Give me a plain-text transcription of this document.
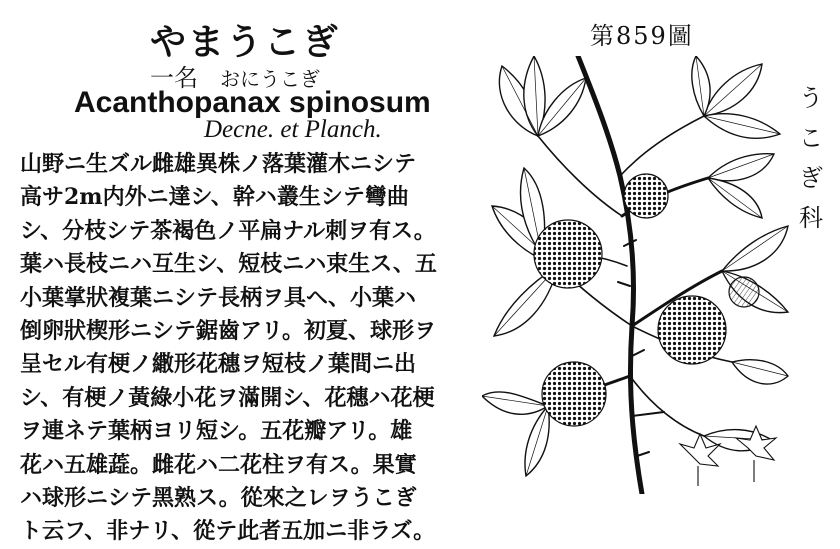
やまうこぎ
一名 おにうこぎ
Acanthopanax spinosum
Decne. et Planch.
山野ニ生ズル雌雄異株ノ落葉灌木ニシテ
高サ2m内外ニ達シ、幹ハ叢生シテ彎曲
シ、分枝シテ茶褐色ノ平扁ナル刺ヲ有ス。
葉ハ長枝ニハ互生シ、短枝ニハ束生ス、五
小葉掌狀複葉ニシテ長柄ヲ具ヘ、小葉ハ
倒卵狀楔形ニシテ鋸齒アリ。初夏、球形ヲ
呈セル有梗ノ繖形花穗ヲ短枝ノ葉間ニ出
シ、有梗ノ黃綠小花ヲ滿開シ、花穗ハ花梗
ヲ連ネテ葉柄ヨリ短シ。五花瓣アリ。雄
花ハ五雄蕋。雌花ハ二花柱ヲ有ス。果實
ハ球形ニシテ黑熟ス。從來之レヲうこぎ
ト云フ、非ナリ、從テ此者五加ニ非ラズ。
第859圖
う
こ
ぎ
科
